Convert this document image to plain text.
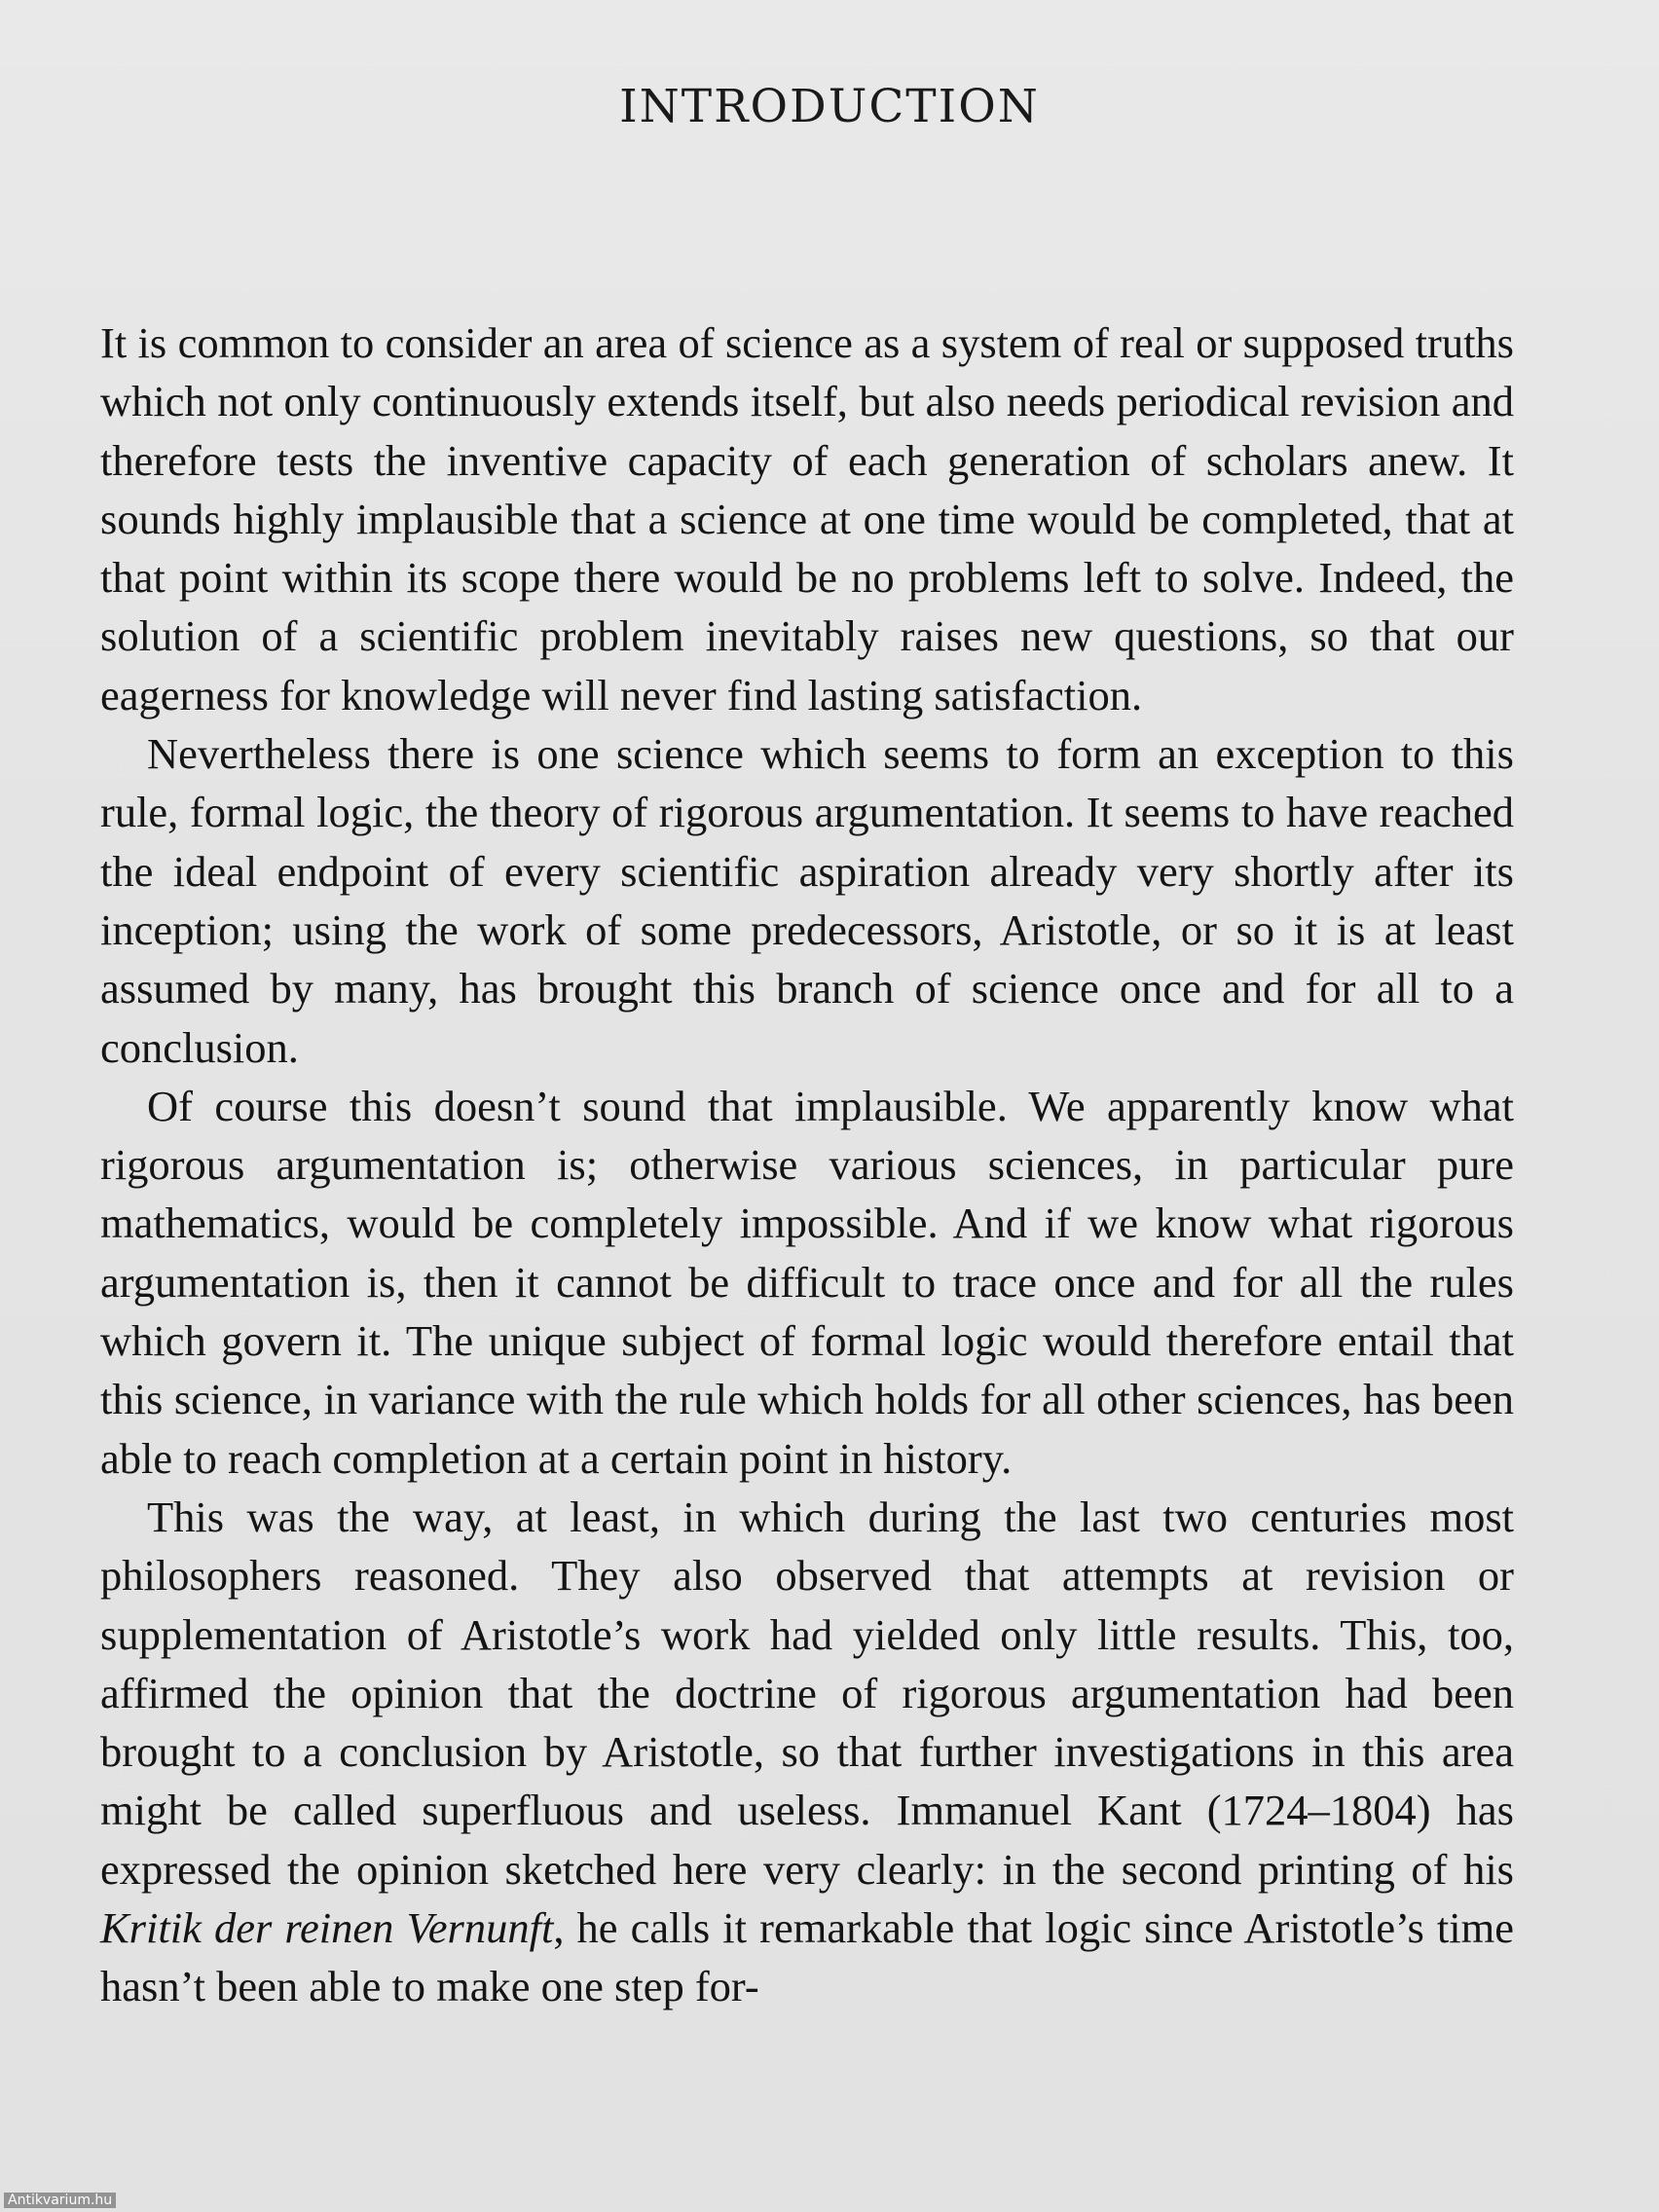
INTRODUCTION

It is common to consider an area of science as a system of real or supposed truths which not only continuously extends itself, but also needs periodical revision and therefore tests the inventive capacity of each generation of scholars anew. It sounds highly implausible that a science at one time would be completed, that at that point within its scope there would be no problems left to solve. Indeed, the solution of a scientific problem inevitably raises new questions, so that our eagerness for knowledge will never find lasting satisfaction.

Nevertheless there is one science which seems to form an exception to this rule, formal logic, the theory of rigorous argumentation. It seems to have reached the ideal endpoint of every scientific aspiration already very shortly after its inception; using the work of some predecessors, Aristotle, or so it is at least assumed by many, has brought this branch of science once and for all to a conclusion.

Of course this doesn’t sound that implausible. We apparently know what rigorous argumentation is; otherwise various sciences, in particular pure mathematics, would be completely impossible. And if we know what rigorous argumentation is, then it cannot be difficult to trace once and for all the rules which govern it. The unique subject of formal logic would therefore entail that this science, in variance with the rule which holds for all other sciences, has been able to reach completion at a certain point in history.

This was the way, at least, in which during the last two centuries most philosophers reasoned. They also observed that attempts at revision or supplementation of Aristotle’s work had yielded only little results. This, too, affirmed the opinion that the doctrine of rigorous argumentation had been brought to a conclusion by Aristotle, so that further investigations in this area might be called superfluous and useless. Immanuel Kant (1724–1804) has expressed the opinion sketched here very clearly: in the second printing of his Kritik der reinen Vernunft, he calls it remarkable that logic since Aristotle’s time hasn’t been able to make one step for-

Antikvarium.hu
